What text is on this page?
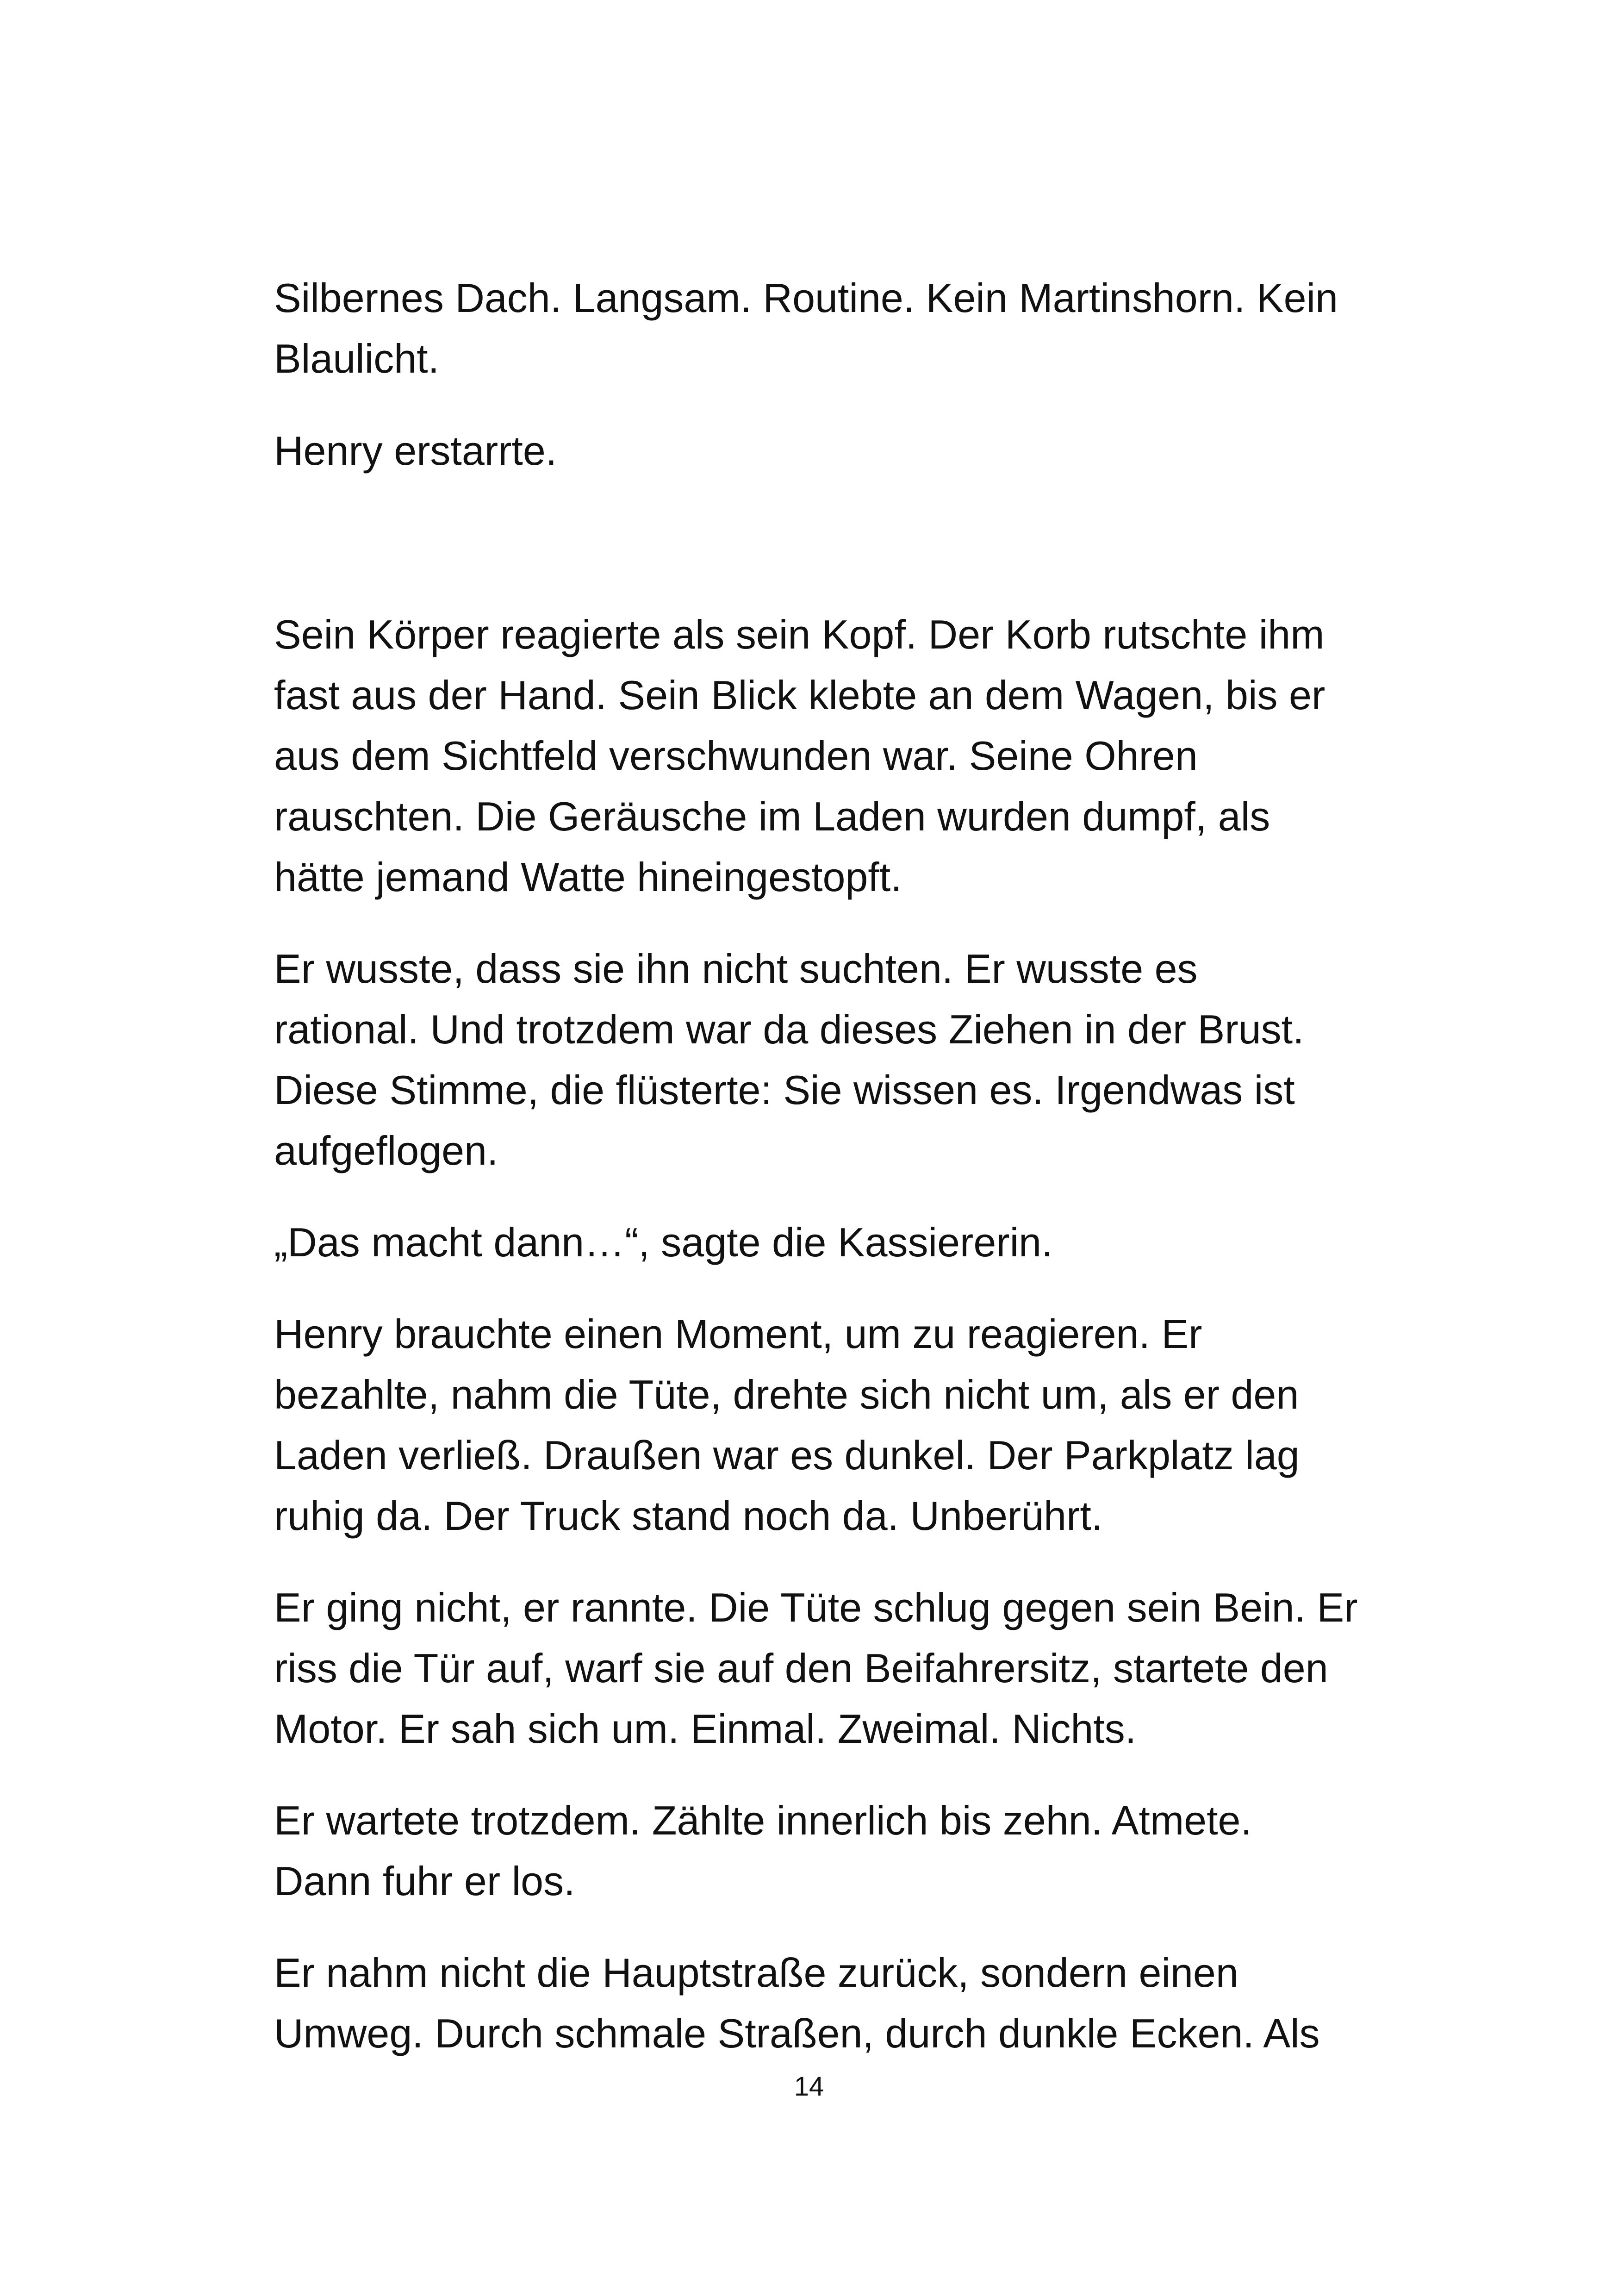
Silbernes Dach. Langsam. Routine. Kein Martinshorn. Kein
Blaulicht.

Henry erstarrte.

Sein Körper reagierte als sein Kopf. Der Korb rutschte ihm
fast aus der Hand. Sein Blick klebte an dem Wagen, bis er
aus dem Sichtfeld verschwunden war. Seine Ohren
rauschten. Die Geräusche im Laden wurden dumpf, als
hätte jemand Watte hineingestopft.

Er wusste, dass sie ihn nicht suchten. Er wusste es
rational. Und trotzdem war da dieses Ziehen in der Brust.
Diese Stimme, die flüsterte: Sie wissen es. Irgendwas ist
aufgeflogen.

„Das macht dann…“, sagte die Kassiererin.

Henry brauchte einen Moment, um zu reagieren. Er
bezahlte, nahm die Tüte, drehte sich nicht um, als er den
Laden verließ. Draußen war es dunkel. Der Parkplatz lag
ruhig da. Der Truck stand noch da. Unberührt.

Er ging nicht, er rannte. Die Tüte schlug gegen sein Bein. Er
riss die Tür auf, warf sie auf den Beifahrersitz, startete den
Motor. Er sah sich um. Einmal. Zweimal. Nichts.

Er wartete trotzdem. Zählte innerlich bis zehn. Atmete.
Dann fuhr er los.

Er nahm nicht die Hauptstraße zurück, sondern einen
Umweg. Durch schmale Straßen, durch dunkle Ecken. Als

14
